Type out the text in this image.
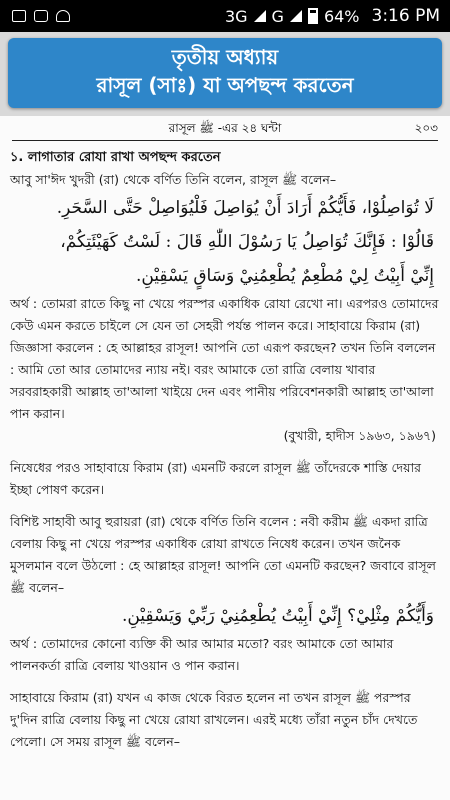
3G G	64% 3:16 PM
তৃতীয় অধ্যায়
রাসূল (সাঃ) যা অপছন্দ করতেন
রাসূল ﷺ -এর ২৪ ঘন্টা	২০৩
১. লাগাতার রোযা রাখা অপছন্দ করতেন

আবু সা'ঈদ খুদরী (রা) থেকে বর্ণিত তিনি বলেন, রাসূল ﷺ বলেন–

لَا تُوَاصِلُوْا، فَأَيُّكُمْ أَرَادَ أَنْ يُوَاصِلَ فَلْيُوَاصِلْ حَتَّى السَّحَرِ.
قَالُوْا : فَإِنَّكَ تُوَاصِلُ يَا رَسُوْلَ اللّٰهِ قَالَ : لَسْتُ كَهَيْئَتِكُمْ،
إِنِّيْ أَبِيْتُ لِيْ مُطْعِمٌ يُطْعِمُنِيْ وَسَاقٍ يَسْقِيْنِ.

অর্থ : তোমরা রাতে কিছু না খেয়ে পরস্পর একাধিক রোযা রেখো না। এরপরও তোমাদের কেউ এমন করতে চাইলে সে যেন তা সেহরী পর্যন্ত পালন করে। সাহাবায়ে কিরাম (রা) জিজ্ঞাসা করলেন : হে আল্লাহর রাসূল! আপনি তো এরূপ করছেন? তখন তিনি বললেন : আমি তো আর তোমাদের ন্যায় নই। বরং আমাকে তো রাত্রি বেলায় খাবার সরবরাহকারী আল্লাহ তা'আলা খাইয়ে দেন এবং পানীয় পরিবেশনকারী আল্লাহ তা'আলা পান করান।

(বুখারী, হাদীস ১৯৬৩, ১৯৬৭)

নিষেধের পরও সাহাবায়ে কিরাম (রা) এমনটি করলে রাসূল ﷺ তাঁদেরকে শাস্তি দেয়ার ইচ্ছা পোষণ করেন।

বিশিষ্ট সাহাবী আবু হুরায়রা (রা) থেকে বর্ণিত তিনি বলেন : নবী করীম ﷺ একদা রাত্রি বেলায় কিছু না খেয়ে পরস্পর একাধিক রোযা রাখতে নিষেধ করেন। তখন জনৈক মুসলমান বলে উঠলো : হে আল্লাহর রাসূল! আপনি তো এমনটি করছেন? জবাবে রাসূল ﷺ বলেন–

وَأَيُّكُمْ مِثْلِيْ؟ إِنِّيْ أَبِيْتُ يُطْعِمُنِيْ رَبِّيْ وَيَسْقِيْنِ.

অর্থ : তোমাদের কোনো ব্যক্তি কী আর আমার মতো? বরং আমাকে তো আমার পালনকর্তা রাত্রি বেলায় খাওয়ান ও পান করান।

সাহাবায়ে কিরাম (রা) যখন এ কাজ থেকে বিরত হলেন না তখন রাসূল ﷺ পরস্পর দু'দিন রাত্রি বেলায় কিছু না খেয়ে রোযা রাখলেন। এরই মধ্যে তাঁরা নতুন চাঁদ দেখতে পেলো। সে সময় রাসূল ﷺ বলেন–
